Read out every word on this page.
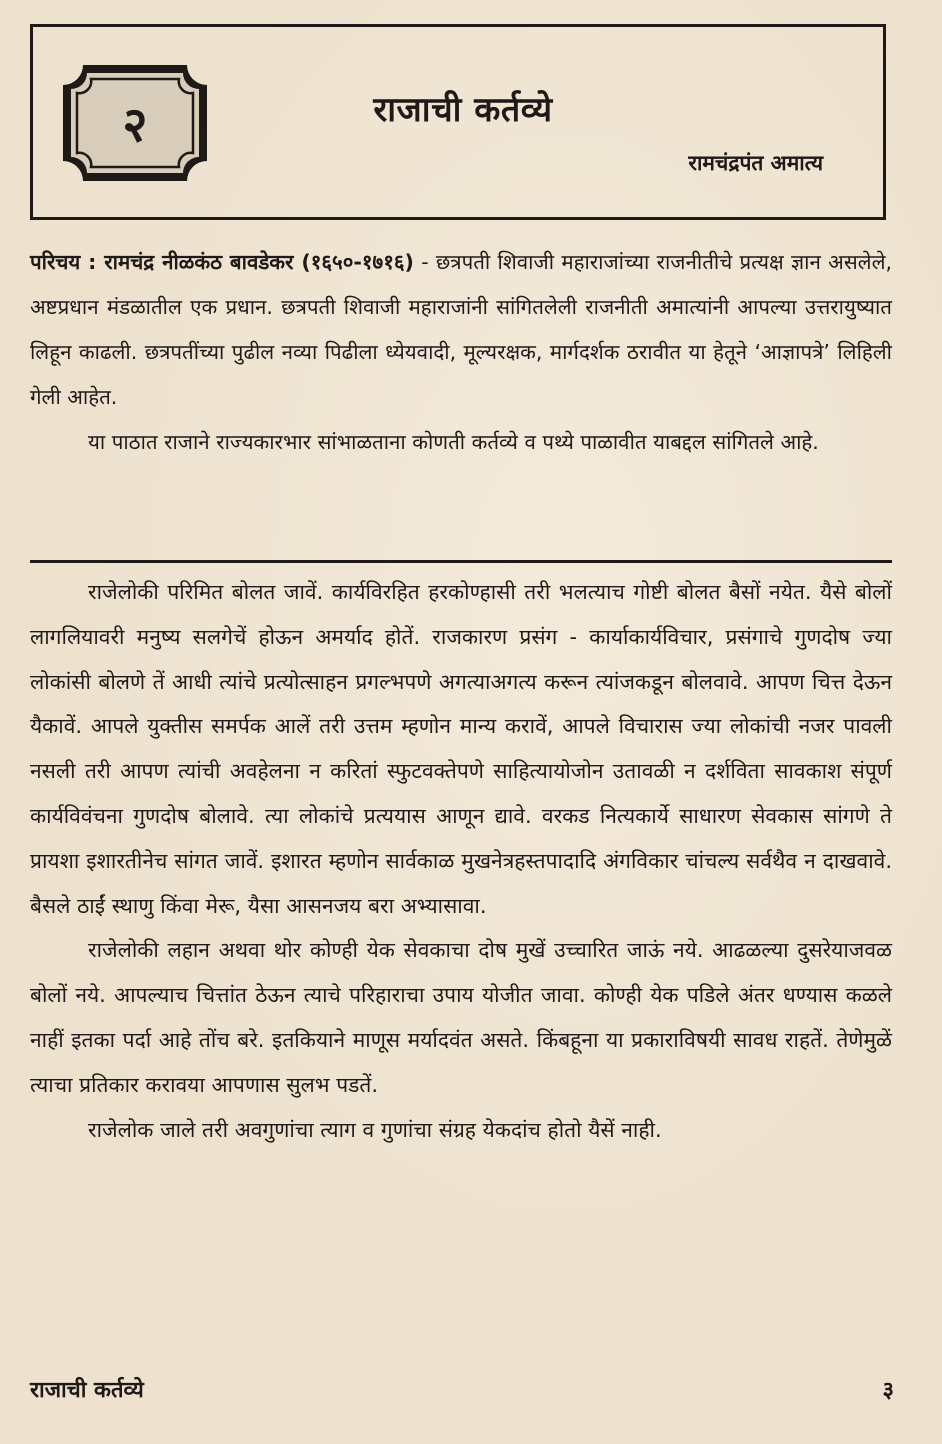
२	राजाची कर्तव्ये
रामचंद्रपंत अमात्य

परिचय : रामचंद्र नीळकंठ बावडेकर (१६५०-१७१६) - छत्रपती शिवाजी महाराजांच्या राजनीतीचे प्रत्यक्ष ज्ञान असलेले, अष्टप्रधान मंडळातील एक प्रधान. छत्रपती शिवाजी महाराजांनी सांगितलेली राजनीती अमात्यांनी आपल्या उत्तरायुष्यात लिहून काढली. छत्रपतींच्या पुढील नव्या पिढीला ध्येयवादी, मूल्यरक्षक, मार्गदर्शक ठरावीत या हेतूने ‘आज्ञापत्रे’ लिहिली गेली आहेत.

या पाठात राजाने राज्यकारभार सांभाळताना कोणती कर्तव्ये व पथ्ये पाळावीत याबद्दल सांगितले आहे.

राजेलोकी परिमित बोलत जावें. कार्यविरहित हरकोण्हासी तरी भलत्याच गोष्टी बोलत बैसों नयेत. यैसे बोलों लागलियावरी मनुष्य सलगेचें होऊन अमर्याद होतें. राजकारण प्रसंग - कार्याकार्यविचार, प्रसंगाचे गुणदोष ज्या लोकांसी बोलणे तें आधी त्यांचे प्रत्योत्साहन प्रगल्भपणे अगत्याअगत्य करून त्यांजकडून बोलवावे. आपण चित्त देऊन यैकावें. आपले युक्तीस समर्पक आलें तरी उत्तम म्हणोन मान्य करावें, आपले विचारास ज्या लोकांची नजर पावली नसली तरी आपण त्यांची अवहेलना न करितां स्फुटवक्तेपणे साहित्यायोजोन उतावळी न दर्शविता सावकाश संपूर्ण कार्यविवंचना गुणदोष बोलावे. त्या लोकांचे प्रत्ययास आणून द्यावे. वरकड नित्यकार्ये साधारण सेवकास सांगणे ते प्रायशा इशारतीनेच सांगत जावें. इशारत म्हणोन सार्वकाळ मुखनेत्रहस्तपादादि अंगविकार चांचल्य सर्वथैव न दाखवावे. बैसले ठाईं स्थाणु किंवा मेरू, यैसा आसनजय बरा अभ्यासावा.

राजेलोकी लहान अथवा थोर कोण्ही येक सेवकाचा दोष मुखें उच्चारित जाऊं नये. आढळल्या दुसरेयाजवळ बोलों नये. आपल्याच चित्तांत ठेऊन त्याचे परिहाराचा उपाय योजीत जावा. कोण्ही येक पडिले अंतर धण्यास कळले नाहीं इतका पर्दा आहे तोंच बरे. इतकियाने माणूस मर्यादवंत असते. किंबहूना या प्रकाराविषयी सावध राहतें. तेणेमुळें त्याचा प्रतिकार करावया आपणास सुलभ पडतें.

राजेलोक जाले तरी अवगुणांचा त्याग व गुणांचा संग्रह येकदांच होतो यैसें नाही.

राजाची कर्तव्ये	३
